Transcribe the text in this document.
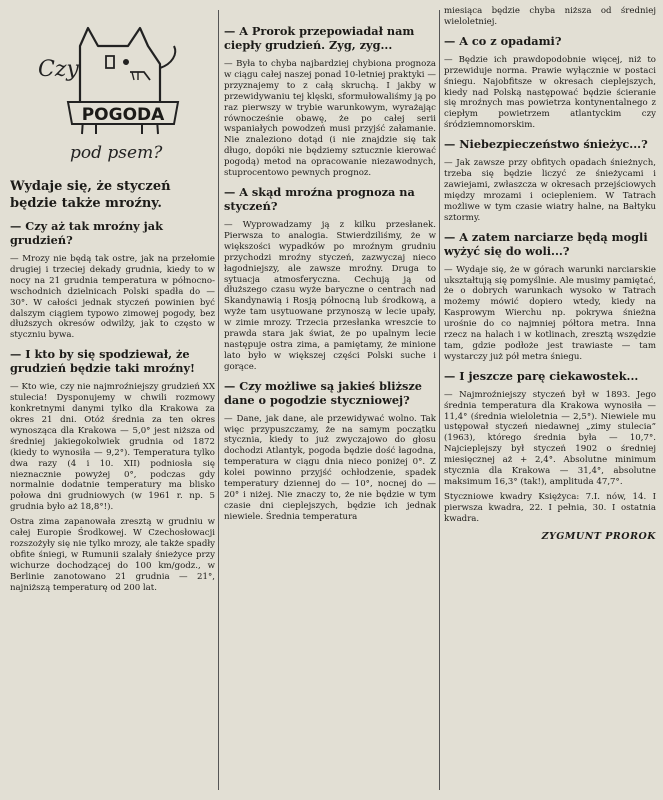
Czy
POGODA
pod psem?
Wydaje się, że styczeń będzie także mroźny.
— Czy aż tak mroźny jak grudzień?

— Mrozy nie będą tak ostre, jak na przełomie drugiej i trzeciej dekady grudnia, kiedy to w nocy na 21 grudnia temperatura w północno-wschodnich dzielnicach Polski spadła do — 30°. W całości jednak styczeń powinien być dalszym ciągiem typowo zimowej pogody, bez dłuższych okresów odwilży, jak to często w styczniu bywa.

— I kto by się spodziewał, że grudzień będzie taki mroźny!

— Kto wie, czy nie najmroźniejszy grudzień XX stulecia! Dysponujemy w chwili rozmowy konkretnymi danymi tylko dla Krakowa za okres 21 dni. Otóż średnia za ten okres wynosząca dla Krakowa — 5,0° jest niższa od średniej jakiegokolwiek grudnia od 1872 (kiedy to wynosiła — 9,2°). Temperatura tylko dwa razy (4 i 10. XII) podniosła się nieznacznie powyżej 0°, podczas gdy normalnie dodatnie temperatury ma blisko połowa dni grudniowych (w 1961 r. np. 5 grudnia było aż 18,8°!).

Ostra zima zapanowała zresztą w grudniu w całej Europie Środkowej. W Czechosłowacji rozszożyły się nie tylko mrozy, ale także spadły obfite śniegi, w Rumunii szalały śnieżyce przy wichurze dochodzącej do 100 km/godz., w Berlinie zanotowano 21 grudnia — 21°, najniższą temperaturę od 200 lat.

— A Prorok przepowiadał nam ciepły grudzień. Zyg, zyg...

— Była to chyba najbardziej chybiona prognoza w ciągu całej naszej ponad 10-letniej praktyki — przyznajemy to z całą skruchą. I jakby w przewidywaniu tej klęski, sformułowaliśmy ją po raz pierwszy w trybie warunkowym, wyrażając równocześnie obawę, że po całej serii wspaniałych powodzeń musi przyjść załamanie. Nie znaleziono dotąd (i nie znajdzie się tak długo, dopóki nie będziemy sztucznie kierować pogodą) metod na opracowanie niezawodnych, stuprocentowo pewnych prognoz.

— A skąd mroźna prognoza na styczeń?

— Wyprowadzamy ją z kilku przesłanek. Pierwsza to analogia. Stwierdziliśmy, że w większości wypadków po mroźnym grudniu przychodzi mroźny styczeń, zazwyczaj nieco łagodniejszy, ale zawsze mroźny. Druga to sytuacja atmosferyczna. Cechują ją od dłuższego czasu wyże baryczne o centrach nad Skandynawią i Rosją północną lub środkową, a wyże tam usytuowane przynoszą w lecie upały, w zimie mrozy. Trzecia przesłanka wreszcie to prawda stara jak świat, że po upalnym lecie następuje ostra zima, a pamiętamy, że minione lato było w większej części Polski suche i gorące.

— Czy możliwe są jakieś bliższe dane o pogodzie styczniowej?

— Dane, jak dane, ale przewidywać wolno. Tak więc przypuszczamy, że na samym początku stycznia, kiedy to już zwyczajowo do głosu dochodzi Atlantyk, pogoda będzie dość łagodna, temperatura w ciągu dnia nieco poniżej 0°. Z kolei powinno przyjść ochłodzenie, spadek temperatury dziennej do — 10°, nocnej do — 20° i niżej. Nie znaczy to, że nie będzie w tym czasie dni cieplejszych, będzie ich jednak niewiele. Średnia temperatura

miesiąca będzie chyba niższa od średniej wieloletniej.

— A co z opadami?

— Będzie ich prawdopodobnie więcej, niż to przewiduje norma. Prawie wyłącznie w postaci śniegu. Najobfitsze w okresach cieplejszych, kiedy nad Polską następować będzie ścieranie się mroźnych mas powietrza kontynentalnego z ciepłym powietrzem atlantyckim czy śródziemnomorskim.

— Niebezpieczeństwo śnieżyc...?

— Jak zawsze przy obfitych opadach śnieżnych, trzeba się będzie liczyć ze śnieżycami i zawiejami, zwłaszcza w okresach przejściowych między mrozami i ociepleniem. W Tatrach możliwe w tym czasie wiatry halne, na Bałtyku sztormy.

— A zatem narciarze będą mogli wyżyć się do woli...?

— Wydaje się, że w górach warunki narciarskie ukształtują się pomyślnie. Ale musimy pamiętać, że o dobrych warunkach wysoko w Tatrach możemy mówić dopiero wtedy, kiedy na Kasprowym Wierchu np. pokrywa śnieżna urośnie do co najmniej półtora metra. Inna rzecz na halach i w kotlinach, zresztą wszędzie tam, gdzie podłoże jest trawiaste — tam wystarczy już pół metra śniegu.

— I jeszcze parę ciekawostek...

— Najmroźniejszy styczeń był w 1893. Jego średnia temperatura dla Krakowa wynosiła — 11,4° (średnia wieloletnia — 2,5°). Niewiele mu ustępował styczeń niedawnej „zimy stulecia” (1963), którego średnia była — 10,7°. Najcieplejszy był styczeń 1902 o średniej miesięcznej aż + 2,4°. Absolutne minimum stycznia dla Krakowa — 31,4°, absolutne maksimum 16,3° (tak!), amplituda 47,7°.

Styczniowe kwadry Księżyca: 7.I. nów, 14. I pierwsza kwadra, 22. I pełnia, 30. I ostatnia kwadra.

ZYGMUNT PROROK
